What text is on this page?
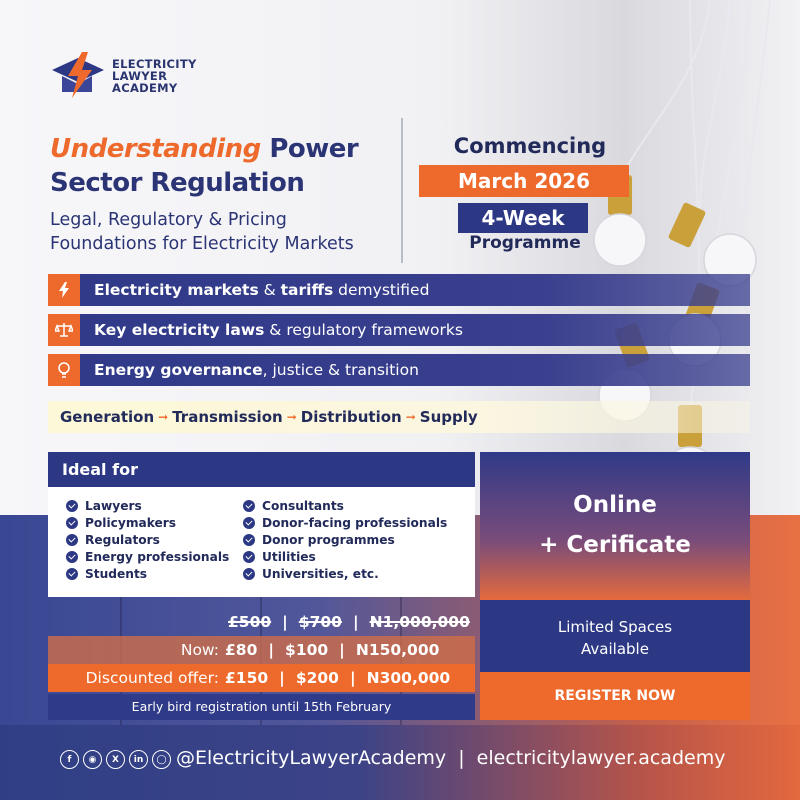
ELECTRICITY
LAWYER
ACADEMY
Understanding Power
Sector Regulation
Legal, Regulatory & Pricing
Foundations for Electricity Markets
Commencing
March 2026
4-Week
Programme
Electricity markets & tariffs demystified
Key electricity laws & regulatory frameworks
Energy governance, justice & transition
Generation ➞ Transmission ➞ Distribution ➞ Supply
Ideal for
Lawyers
Policymakers
Regulators
Energy professionals
Students
Consultants
Donor-facing professionals
Donor programmes
Utilities
Universities, etc.
Online
+ Cerificate
Limited Spaces
Available
REGISTER NOW
£500 | $700 | N1,000,000
Now: £80 | $100 | N150,000
Discounted offer: £150 | $200 | N300,000
Early bird registration until 15th February
f	◉	X	in	◯ @ElectricityLawyerAcademy | electricitylawyer.academy
